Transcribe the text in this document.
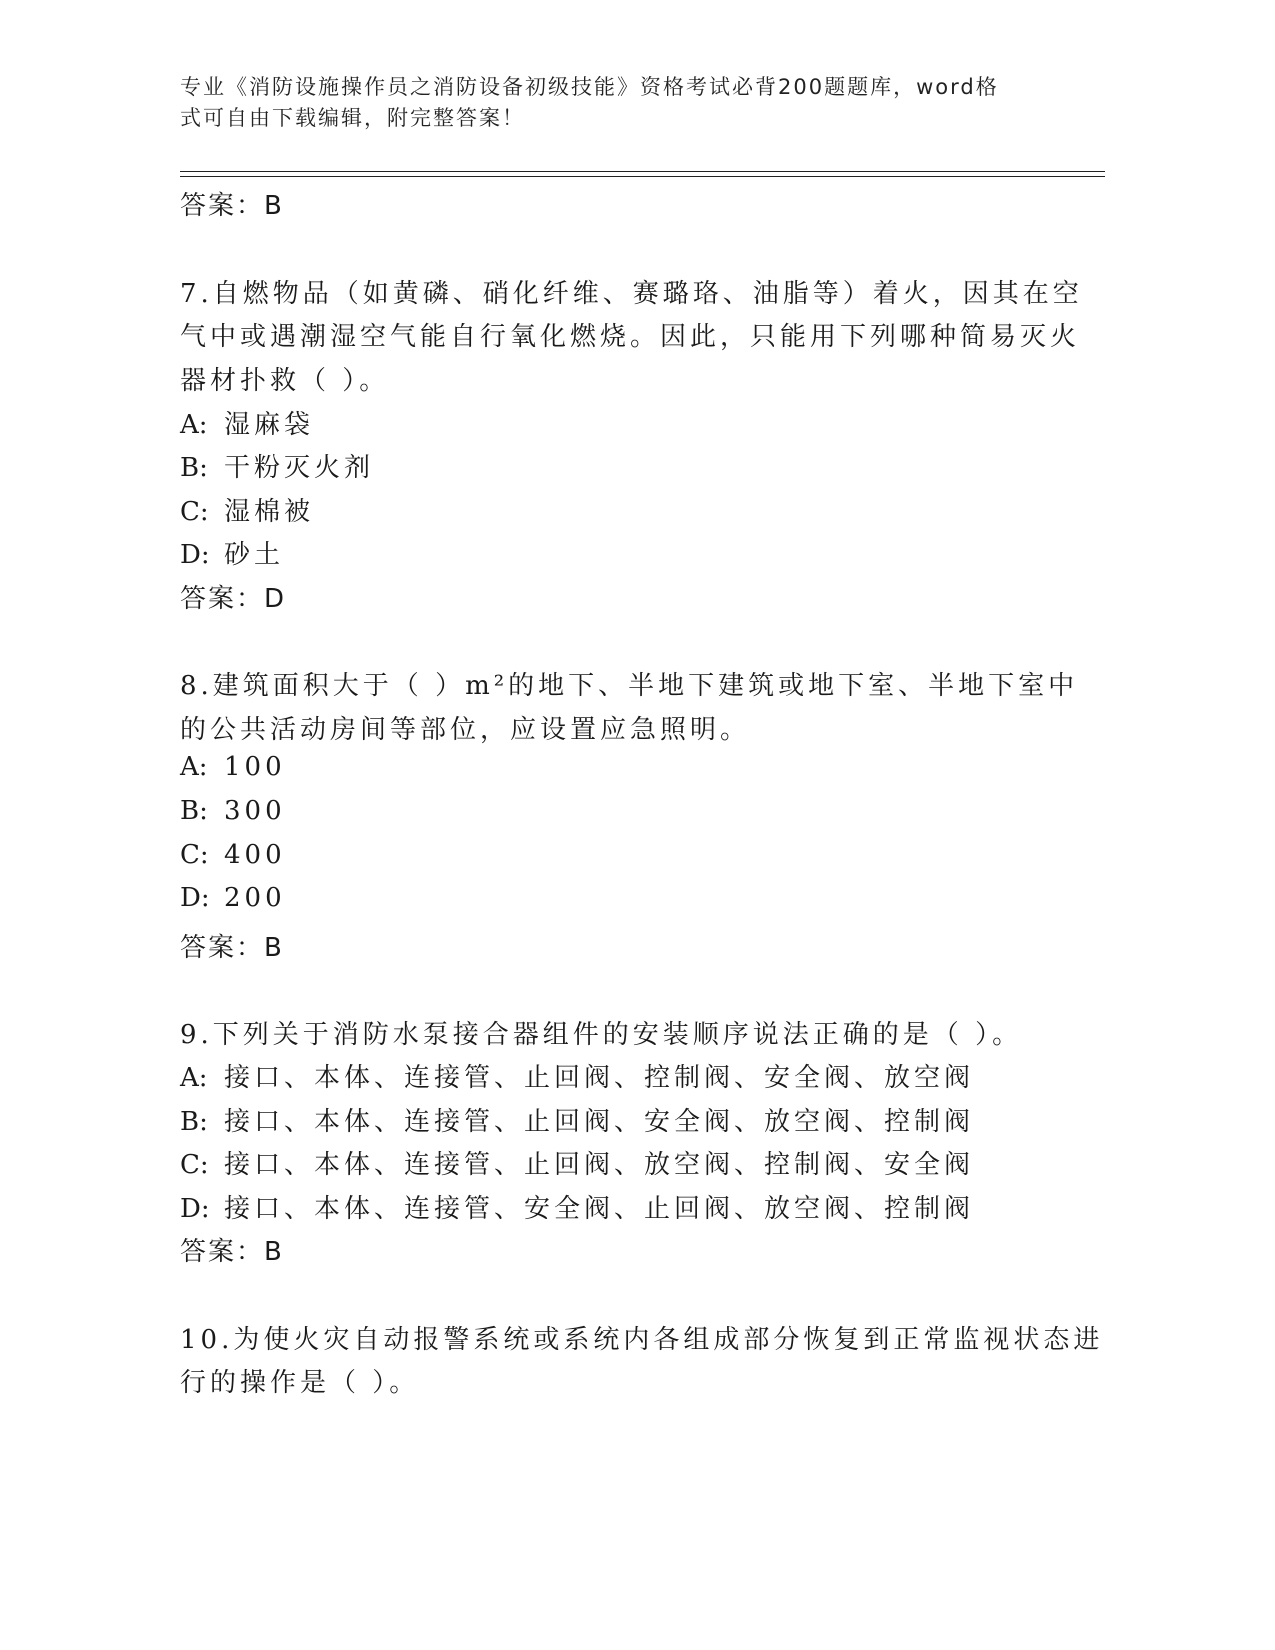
专业《消防设施操作员之消防设备初级技能》资格考试必背200题题库，word格
式可自由下载编辑，附完整答案！
答案：B
7.自燃物品（如黄磷、硝化纤维、赛璐珞、油脂等）着火，因其在空
气中或遇潮湿空气能自行氧化燃烧。因此，只能用下列哪种简易灭火
器材扑救（ ）。
A: 湿麻袋
B: 干粉灭火剂
C: 湿棉被
D: 砂土
答案：D
8.建筑面积大于（ ）m²的地下、半地下建筑或地下室、半地下室中
的公共活动房间等部位，应设置应急照明。
A: 100
B: 300
C: 400
D: 200
答案：B
9.下列关于消防水泵接合器组件的安装顺序说法正确的是（ ）。
A: 接口、本体、连接管、止回阀、控制阀、安全阀、放空阀
B: 接口、本体、连接管、止回阀、安全阀、放空阀、控制阀
C: 接口、本体、连接管、止回阀、放空阀、控制阀、安全阀
D: 接口、本体、连接管、安全阀、止回阀、放空阀、控制阀
答案：B
10.为使火灾自动报警系统或系统内各组成部分恢复到正常监视状态进
行的操作是（ ）。
